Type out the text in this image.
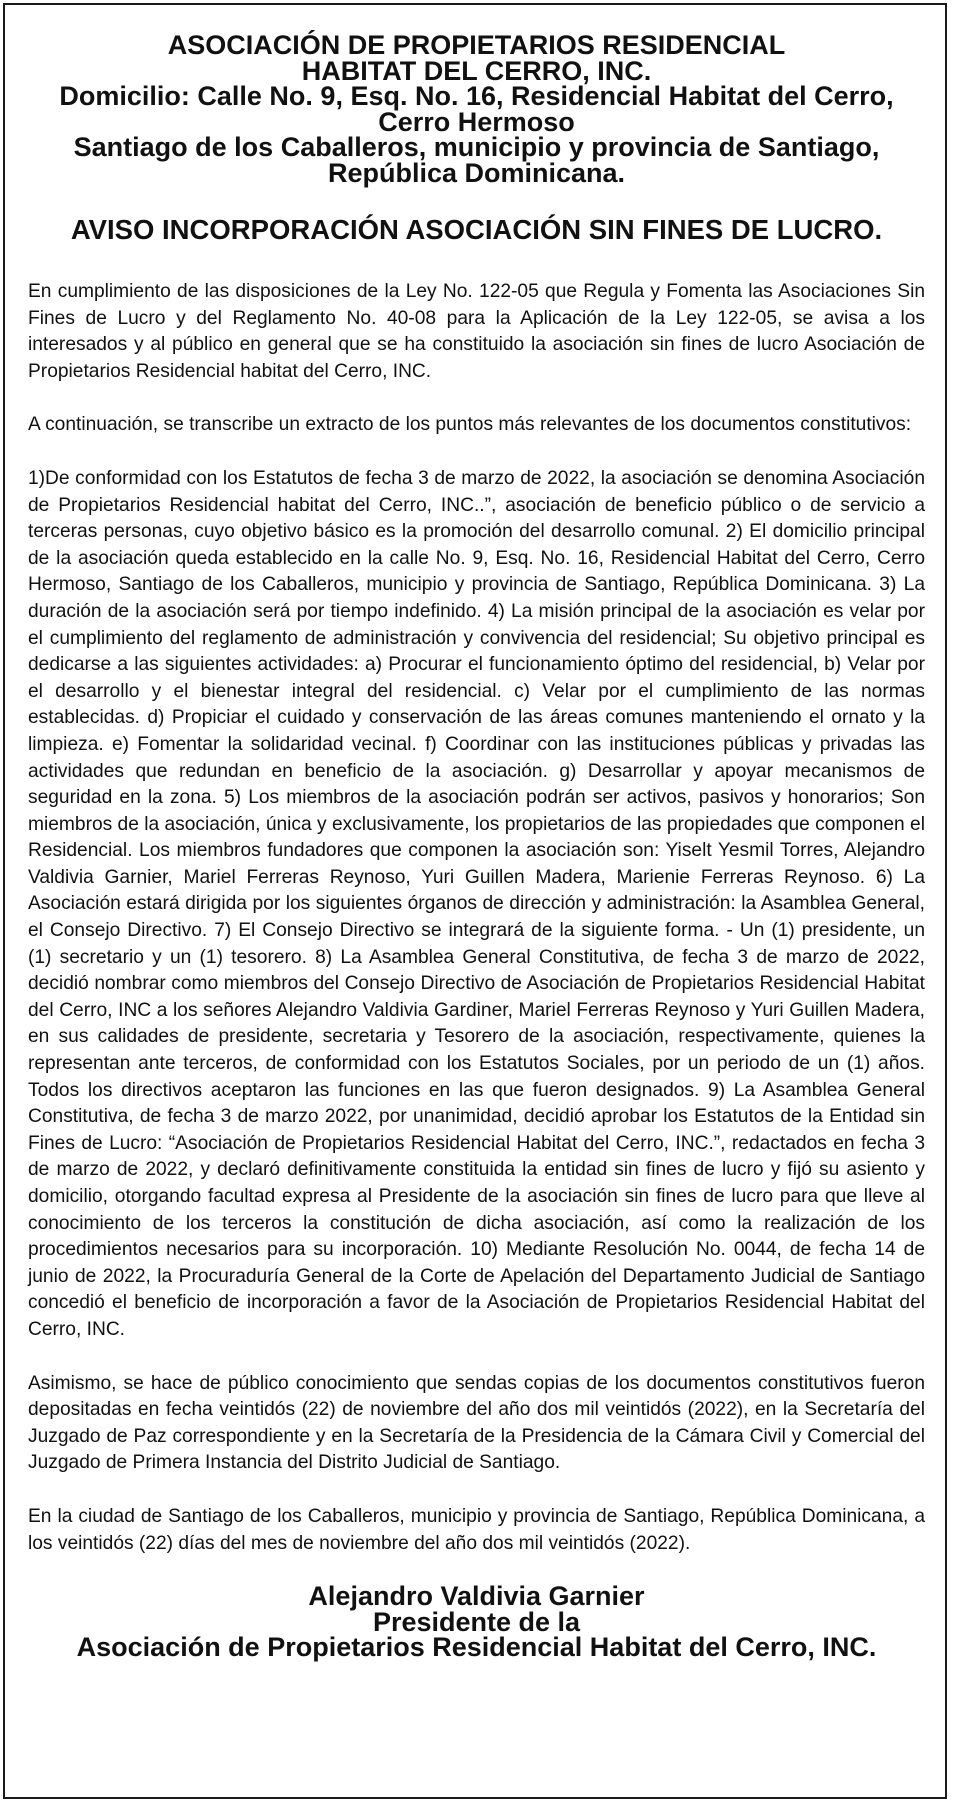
ASOCIACIÓN DE PROPIETARIOS RESIDENCIAL
HABITAT DEL CERRO, INC.
Domicilio: Calle No. 9, Esq. No. 16, Residencial Habitat del Cerro,
Cerro Hermoso
Santiago de los Caballeros, municipio y provincia de Santiago,
República Dominicana.
AVISO INCORPORACIÓN ASOCIACIÓN SIN FINES DE LUCRO.

En cumplimiento de las disposiciones de la Ley No. 122-05 que Regula y Fomenta las Asociaciones Sin Fines de Lucro y del Reglamento No. 40-08 para la Aplicación de la Ley 122-05, se avisa a los interesados y al público en general que se ha constituido la asociación sin fines de lucro Asociación de Propietarios Residencial habitat del Cerro, INC.

A continuación, se transcribe un extracto de los puntos más relevantes de los documentos constitutivos:

1)De conformidad con los Estatutos de fecha 3 de marzo de 2022, la asociación se denomina Asociación de Propietarios Residencial habitat del Cerro, INC..”, asociación de beneficio público o de servicio a terceras personas, cuyo objetivo básico es la promoción del desarrollo comunal. 2) El domicilio principal de la asociación queda establecido en la calle No. 9, Esq. No. 16, Residencial Habitat del Cerro, Cerro Hermoso, Santiago de los Caballeros, municipio y provincia de Santiago, República Dominicana. 3) La duración de la asociación será por tiempo indefinido. 4) La misión principal de la asociación es velar por el cumplimiento del reglamento de administración y convivencia del residencial; Su objetivo principal es dedicarse a las siguientes actividades: a) Procurar el funcionamiento óptimo del residencial, b) Velar por el desarrollo y el bienestar integral del residencial. c) Velar por el cumplimiento de las normas establecidas. d) Propiciar el cuidado y conservación de las áreas comunes manteniendo el ornato y la limpieza. e) Fomentar la solidaridad vecinal. f) Coordinar con las instituciones públicas y privadas las actividades que redundan en beneficio de la asociación. g) Desarrollar y apoyar mecanismos de seguridad en la zona. 5) Los miembros de la asociación podrán ser activos, pasivos y honorarios; Son miembros de la asociación, única y exclusivamente, los propietarios de las propiedades que componen el Residencial. Los miembros fundadores que componen la asociación son: Yiselt Yesmil Torres, Alejandro Valdivia Garnier, Mariel Ferreras Reynoso, Yuri Guillen Madera, Marienie Ferreras Reynoso. 6) La Asociación estará dirigida por los siguientes órganos de dirección y administración: la Asamblea General, el Consejo Directivo. 7) El Consejo Directivo se integrará de la siguiente forma. - Un (1) presidente, un (1) secretario y un (1) tesorero. 8) La Asamblea General Constitutiva, de fecha 3 de marzo de 2022, decidió nombrar como miembros del Consejo Directivo de Asociación de Propietarios Residencial Habitat del Cerro, INC a los señores Alejandro Valdivia Gardiner, Mariel Ferreras Reynoso y Yuri Guillen Madera, en sus calidades de presidente, secretaria y Tesorero de la asociación, respectivamente, quienes la representan ante terceros, de conformidad con los Estatutos Sociales, por un periodo de un (1) años. Todos los directivos aceptaron las funciones en las que fueron designados. 9) La Asamblea General Constitutiva, de fecha 3 de marzo 2022, por unanimidad, decidió aprobar los Estatutos de la Entidad sin Fines de Lucro: “Asociación de Propietarios Residencial Habitat del Cerro, INC.”, redactados en fecha 3 de marzo de 2022, y declaró definitivamente constituida la entidad sin fines de lucro y fijó su asiento y domicilio, otorgando facultad expresa al Presidente de la asociación sin fines de lucro para que lleve al conocimiento de los terceros la constitución de dicha asociación, así como la realización de los procedimientos necesarios para su incorporación. 10) Mediante Resolución No. 0044, de fecha 14 de junio de 2022, la Procuraduría General de la Corte de Apelación del Departamento Judicial de Santiago concedió el beneficio de incorporación a favor de la Asociación de Propietarios Residencial Habitat del Cerro, INC.

Asimismo, se hace de público conocimiento que sendas copias de los documentos constitutivos fueron depositadas en fecha veintidós (22) de noviembre del año dos mil veintidós (2022), en la Secretaría del Juzgado de Paz correspondiente y en la Secretaría de la Presidencia de la Cámara Civil y Comercial del Juzgado de Primera Instancia del Distrito Judicial de Santiago.

En la ciudad de Santiago de los Caballeros, municipio y provincia de Santiago, República Dominicana, a los veintidós (22) días del mes de noviembre del año dos mil veintidós (2022).

Alejandro Valdivia Garnier
Presidente de la
Asociación de Propietarios Residencial Habitat del Cerro, INC.
